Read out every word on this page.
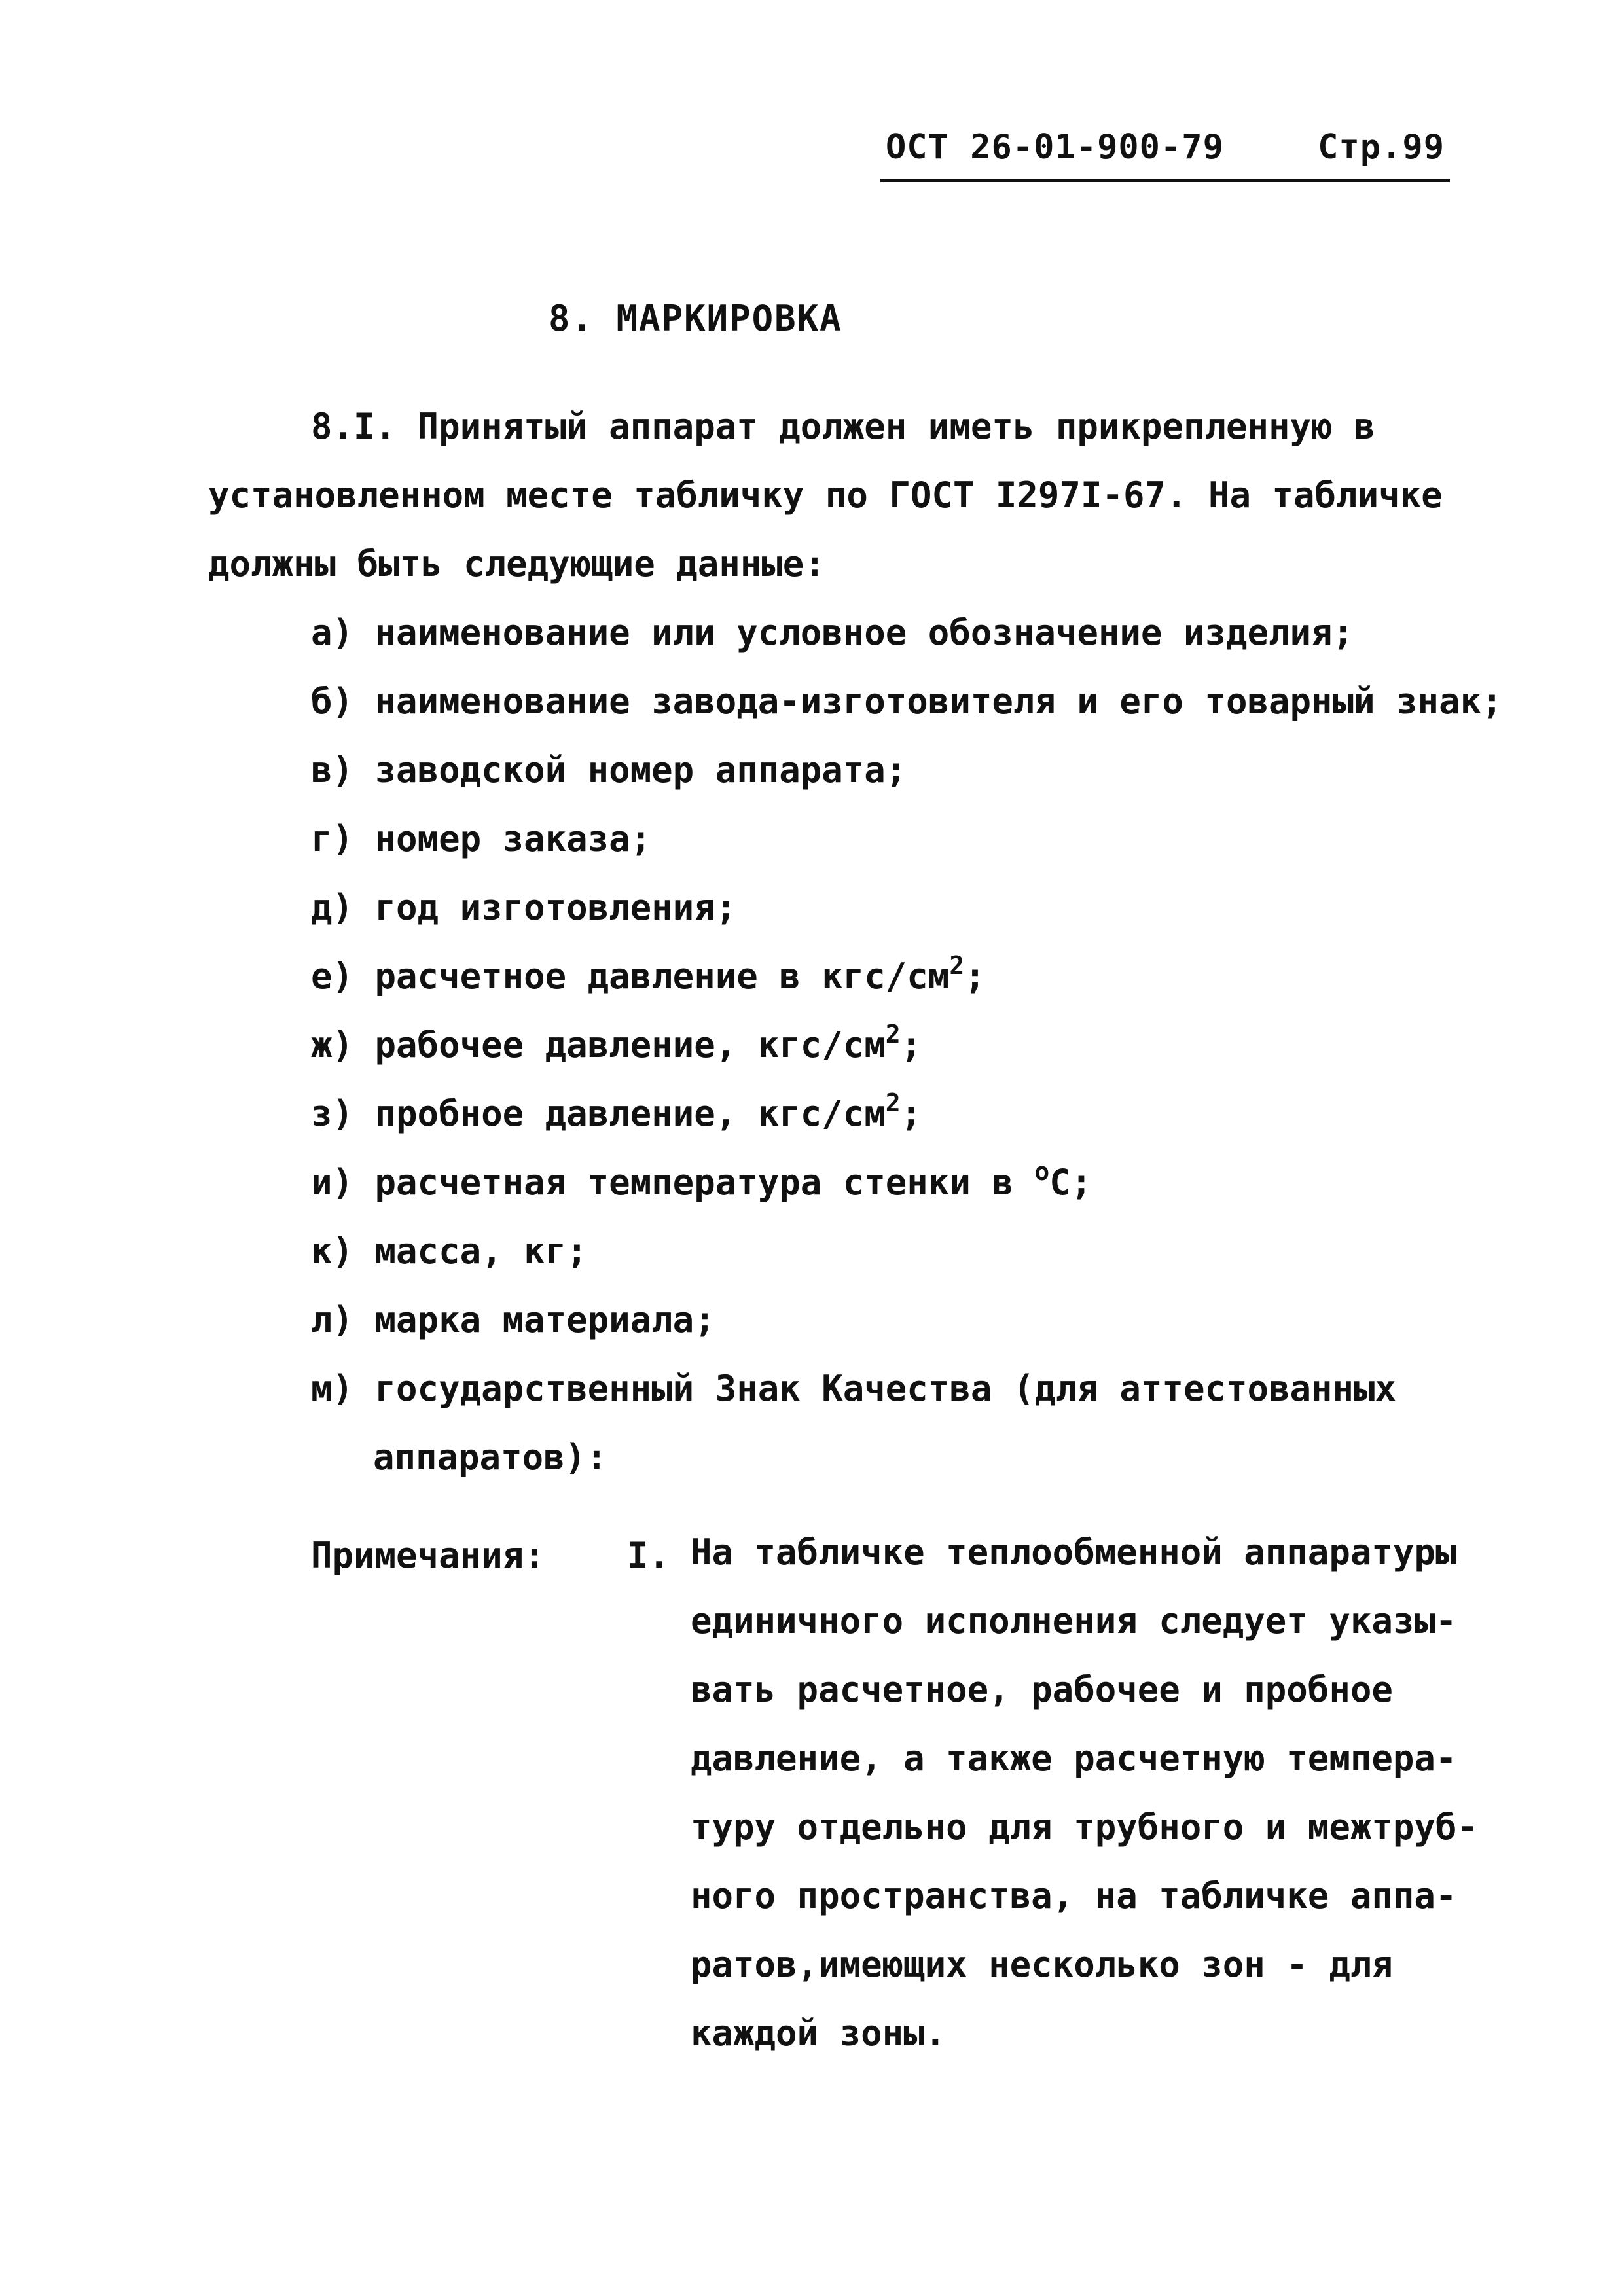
ОСТ 26-01-900-79	Стр.99
8. МАРКИРОВКА
8.I. Принятый аппарат должен иметь прикрепленную в
установленном месте табличку по ГОСТ I297I-67. На табличке
должны быть следующие данные:
а) наименование или условное обозначение изделия;
б) наименование завода-изготовителя и его товарный знак;
в) заводской номер аппарата;
г) номер заказа;
д) год изготовления;
е) расчетное давление в кгс/$см^2$;
ж) рабочее давление, кгс/$см^2$;
з) пробное давление, кгс/$см^2$;
и) расчетная температура стенки в $^о$С;
к) масса, кг;
л) марка материала;
м) государственный Знак Качества (для аттестованных
аппаратов):
Примечания: I. На табличке теплообменной аппаратуры
единичного исполнения следует указы-
вать расчетное, рабочее и пробное
давление, а также расчетную темпера-
туру отдельно для трубного и межтруб-
ного пространства, на табличке аппа-
ратов,имеющих несколько зон - для
каждой зоны.
